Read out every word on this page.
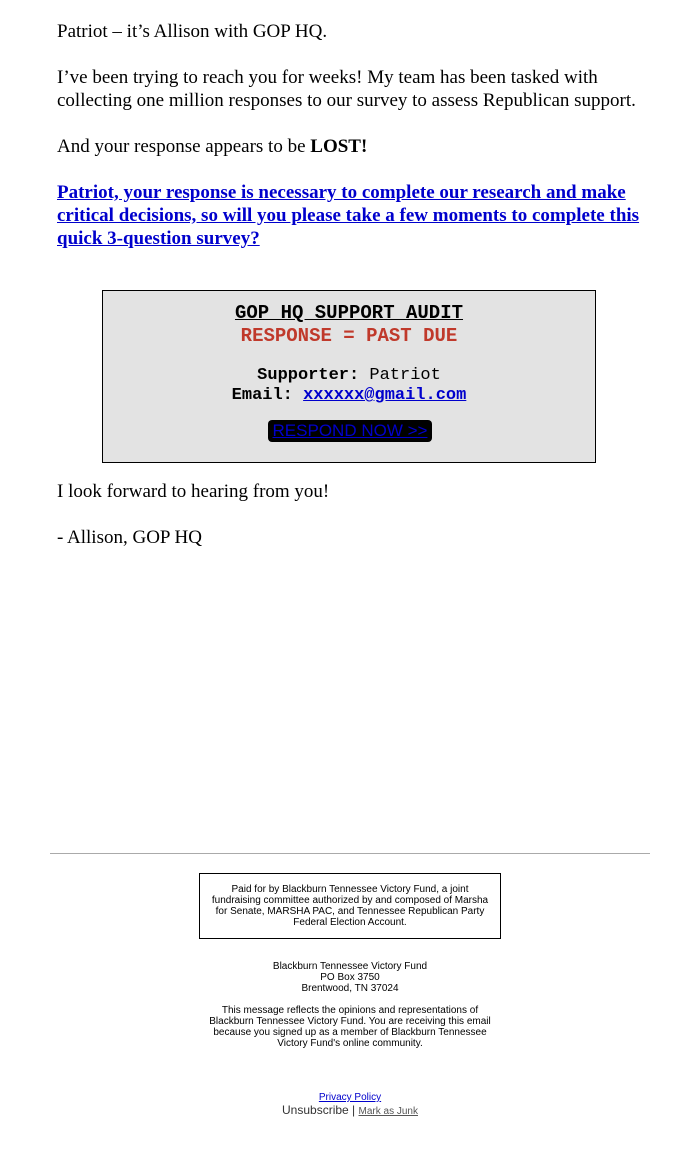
Patriot – it’s Allison with GOP HQ.

I’ve been trying to reach you for weeks! My team has been tasked with collecting one million responses to our survey to assess Republican support.

And your response appears to be LOST!

Patriot, your response is necessary to complete our research and make critical decisions, so will you please take a few moments to complete this quick 3-question survey?
GOP HQ SUPPORT AUDIT
RESPONSE = PAST DUE
Supporter: Patriot
Email: xxxxxx@gmail.com
RESPOND NOW >>

I look forward to hearing from you!

- Allison, GOP HQ

Paid for by Blackburn Tennessee Victory Fund, a joint fundraising committee authorized by and composed of Marsha for Senate, MARSHA PAC, and Tennessee Republican Party Federal Election Account.
Blackburn Tennessee Victory Fund
PO Box 3750
Brentwood, TN 37024
This message reflects the opinions and representations of Blackburn Tennessee Victory Fund. You are receiving this email because you signed up as a member of Blackburn Tennessee Victory Fund's online community.
Privacy Policy
Unsubscribe | Mark as Junk
